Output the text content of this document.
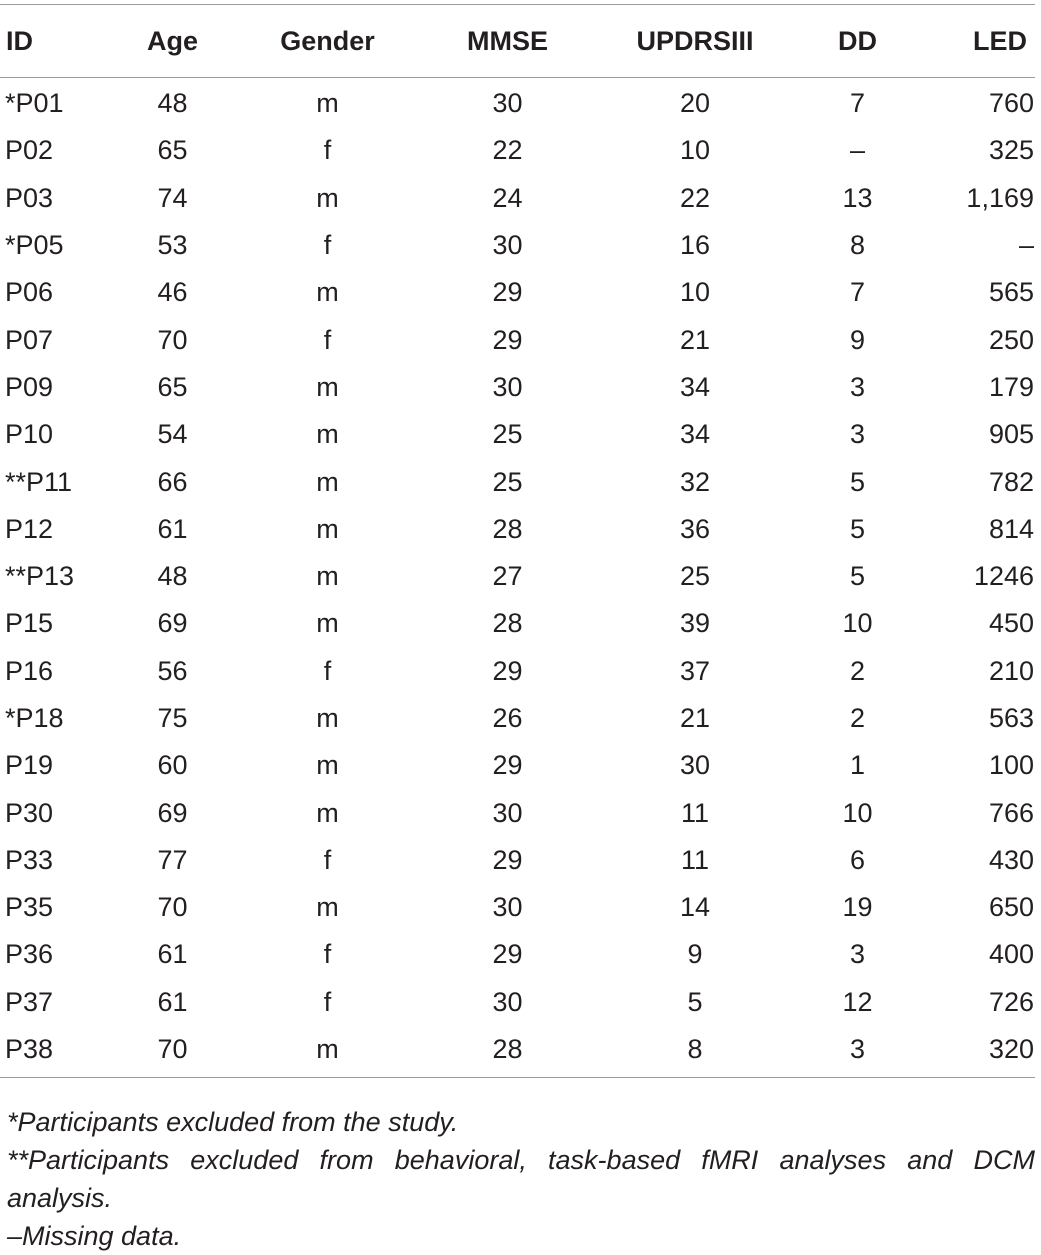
ID	Age	Gender	MMSE	UPDRSIII	DD	LED
*P01	48	m	30	20	7	760
P02	65	f	22	10	–	325
P03	74	m	24	22	13	1,169
*P05	53	f	30	16	8	–
P06	46	m	29	10	7	565
P07	70	f	29	21	9	250
P09	65	m	30	34	3	179
P10	54	m	25	34	3	905
**P11	66	m	25	32	5	782
P12	61	m	28	36	5	814
**P13	48	m	27	25	5	1246
P15	69	m	28	39	10	450
P16	56	f	29	37	2	210
*P18	75	m	26	21	2	563
P19	60	m	29	30	1	100
P30	69	m	30	11	10	766
P33	77	f	29	11	6	430
P35	70	m	30	14	19	650
P36	61	f	29	9	3	400
P37	61	f	30	5	12	726
P38	70	m	28	8	3	320

*Participants excluded from the study.

**Participants excluded from behavioral, task-based fMRI analyses and DCM analysis.

–Missing data.
